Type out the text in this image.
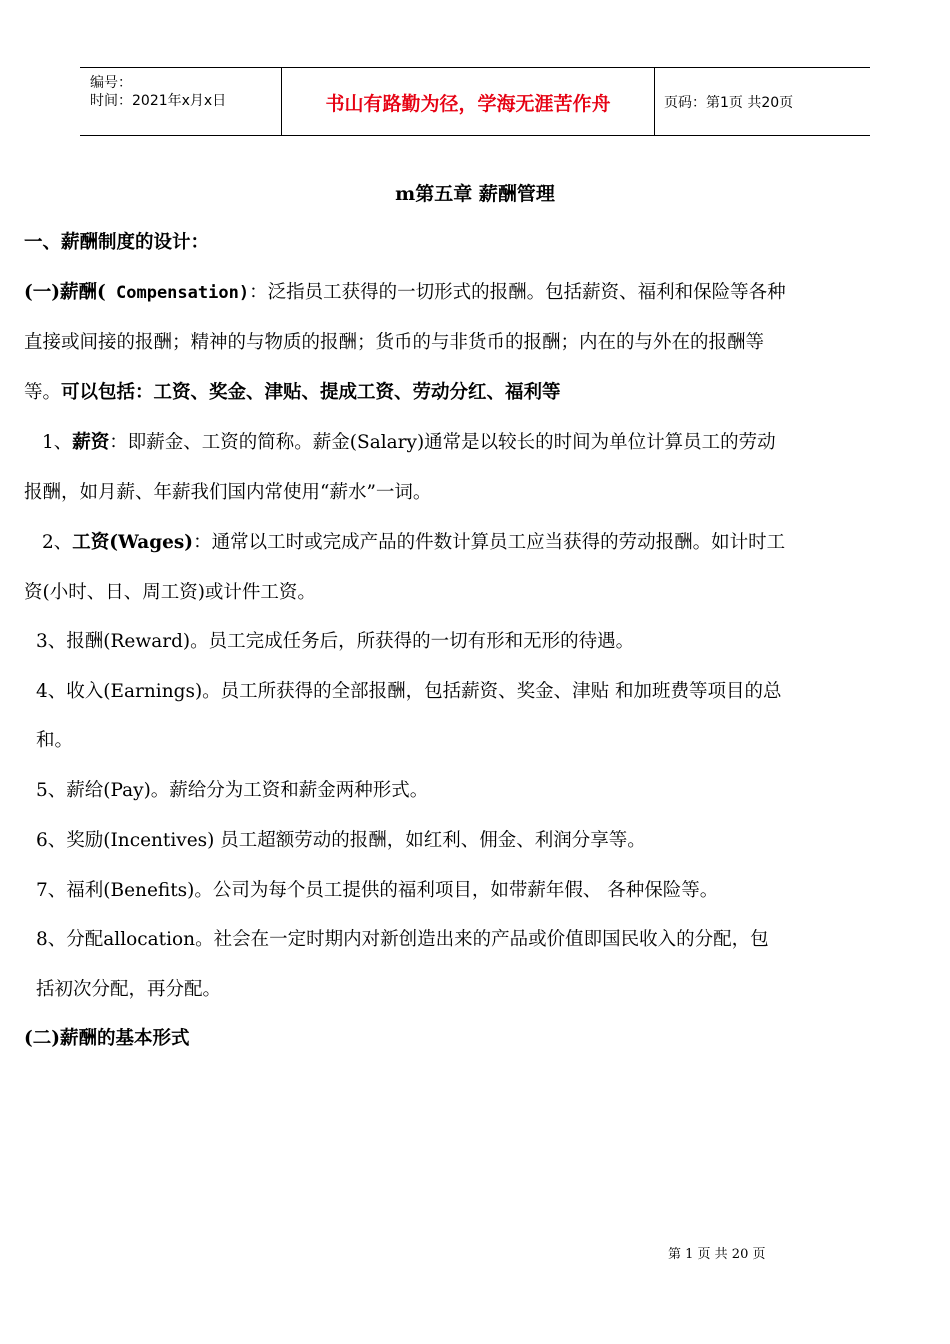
编号：
时间：2021年x月x日	书山有路勤为径，学海无涯苦作舟	页码：第1页 共20页
m第五章 薪酬管理
一、薪酬制度的设计：
(一)薪酬( Compensation)：泛指员工获得的一切形式的报酬。包括薪资、福利和保险等各种
直接或间接的报酬；精神的与物质的报酬；货币的与非货币的报酬；内在的与外在的报酬等
等。可以包括：工资、奖金、津贴、提成工资、劳动分红、福利等
1、薪资：即薪金、工资的简称。薪金(Salary)通常是以较长的时间为单位计算员工的劳动
报酬，如月薪、年薪我们国内常使用“薪水”一词。
2、工资(Wages)：通常以工时或完成产品的件数计算员工应当获得的劳动报酬。如计时工
资(小时、日、周工资)或计件工资。
3、报酬(Reward)。员工完成任务后，所获得的一切有形和无形的待遇。
4、收入(Earnings)。员工所获得的全部报酬，包括薪资、奖金、津贴 和加班费等项目的总
和。
5、薪给(Pay)。薪给分为工资和薪金两种形式。
6、奖励(Incentives) 员工超额劳动的报酬，如红利、佣金、利润分享等。
7、福利(Benefits)。公司为每个员工提供的福利项目，如带薪年假、 各种保险等。
8、分配allocation。社会在一定时期内对新创造出来的产品或价值即国民收入的分配，包
括初次分配，再分配。
(二)薪酬的基本形式
第 1 页 共 20 页
